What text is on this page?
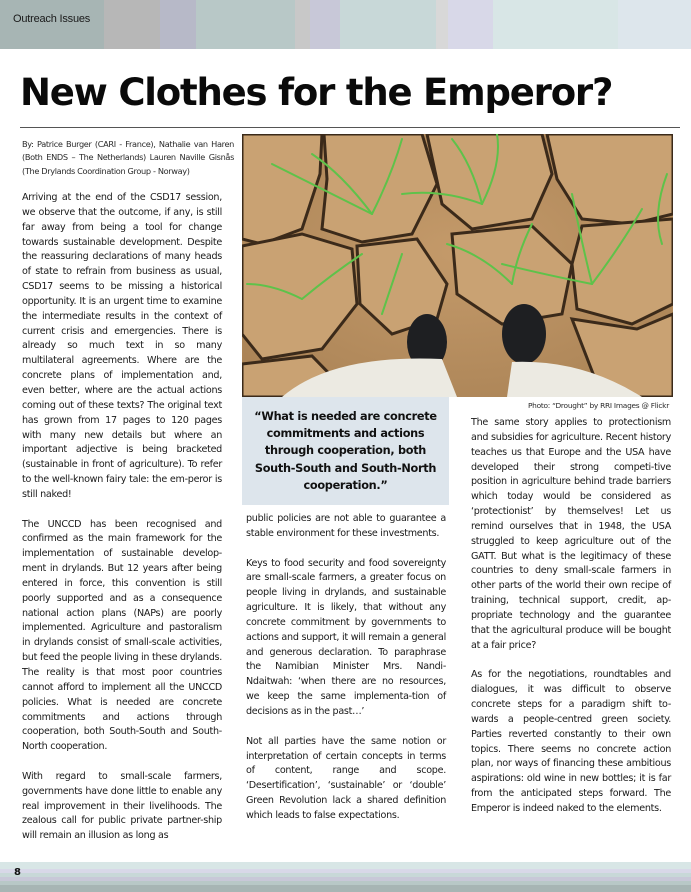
Outreach Issues
New Clothes for the Emperor?
By: Patrice Burger (CARI - France), Nathalie van Haren (Both ENDS – The Netherlands) Lauren Naville Gisnås (The Drylands Coordination Group - Norway)

Arriving at the end of the CSD17 session, we observe that the outcome, if any, is still far away from being a tool for change towards sustainable development. Despite the reassuring declarations of many heads of state to refrain from business as usual, CSD17 seems to be missing a historical opportunity. It is an urgent time to examine the intermediate results in the context of current crisis and emergencies. There is already so much text in so many multilateral agreements. Where are the concrete plans of implementation and, even better, where are the actual actions coming out of these texts? The original text has grown from 17 pages to 120 pages with many new details but where an important adjective is being bracketed (sustainable in front of agriculture). To refer to the well-known fairy tale: the em-peror is still naked!

The UNCCD has been recognised and confirmed as the main framework for the implementation of sustainable develop-ment in drylands. But 12 years after being entered in force, this convention is still poorly supported and as a consequence national action plans (NAPs) are poorly implemented. Agriculture and pastoralism in drylands consist of small-scale activities, but feed the people living in these drylands. The reality is that most poor countries cannot afford to implement all the UNCCD policies. What is needed are concrete commitments and actions through cooperation, both South-South and South-North cooperation.

With regard to small-scale farmers, governments have done little to enable any real improvement in their livelihoods. The zealous call for public private partner-ship will remain an illusion as long as

Photo: “Drought” by RRI Images @ Flickr

“What is needed are concrete commitments and actions through cooperation, both South-South and South-North cooperation.”

public policies are not able to guarantee a stable environment for these investments.

Keys to food security and food sovereignty are small-scale farmers, a greater focus on people living in drylands, and sustainable agriculture. It is likely, that without any concrete commitment by governments to actions and support, it will remain a general and generous declaration. To paraphrase the Namibian Minister Mrs. Nandi-Ndaitwah: ‘when there are no resources, we keep the same implementa-tion of decisions as in the past…’

Not all parties have the same notion or interpretation of certain concepts in terms of content, range and scope. ‘Desertification’, ‘sustainable’ or ‘double’ Green Revolution lack a shared definition which leads to false expectations.

The same story applies to protectionism and subsidies for agriculture. Recent history teaches us that Europe and the USA have developed their strong competi-tive position in agriculture behind trade barriers which today would be considered as ‘protectionist’ by themselves! Let us remind ourselves that in 1948, the USA struggled to keep agriculture out of the GATT. But what is the legitimacy of these countries to deny small-scale farmers in other parts of the world their own recipe of training, technical support, credit, ap-propriate technology and the guarantee that the agricultural produce will be bought at a fair price?

As for the negotiations, roundtables and dialogues, it was difficult to observe concrete steps for a paradigm shift to-wards a people-centred green society. Parties reverted constantly to their own topics. There seems no concrete action plan, nor ways of financing these ambitious aspirations: old wine in new bottles; it is far from the anticipated steps forward. The Emperor is indeed naked to the elements.

8
